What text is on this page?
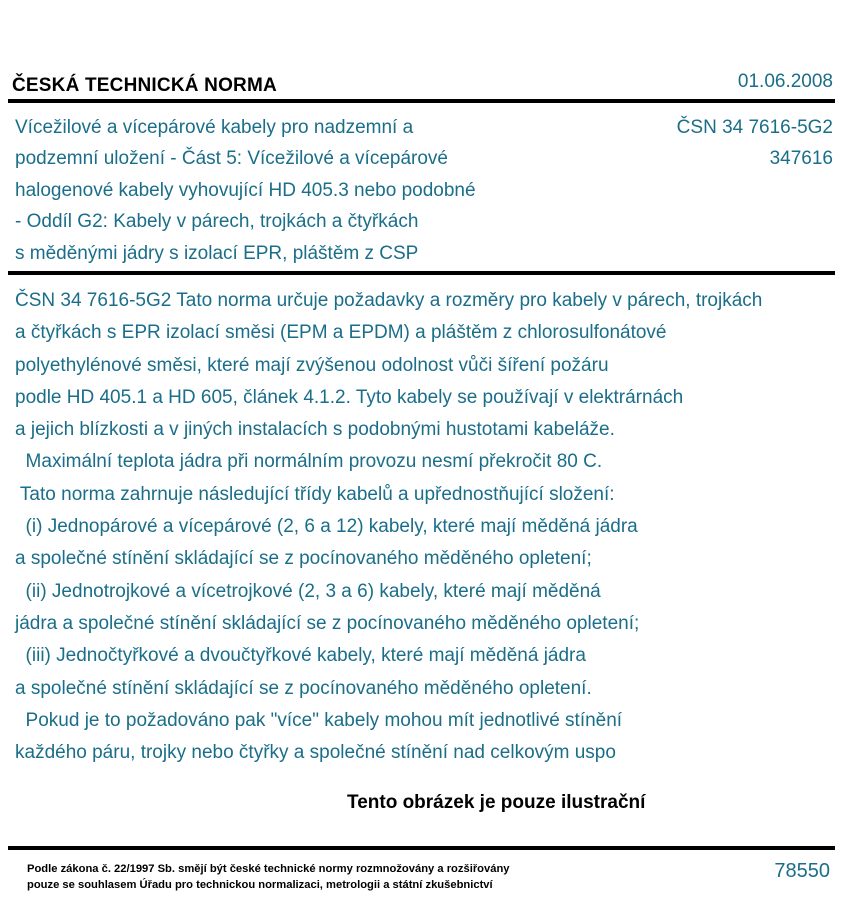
ČESKÁ TECHNICKÁ NORMA	01.06.2008
Vícežilové a vícepárové kabely pro nadzemní a
podzemní uložení - Část 5: Vícežilové a vícepárové
halogenové kabely vyhovující HD 405.3 nebo podobné
- Oddíl G2: Kabely v párech, trojkách a čtyřkách
s měděnými jádry s izolací EPR, pláštěm z CSP
ČSN 34 7616-5G2
347616
ČSN 34 7616-5G2 Tato norma určuje požadavky a rozměry pro kabely v párech, trojkách
a čtyřkách s EPR izolací směsi (EPM a EPDM) a pláštěm z chlorosulfonátové
polyethylénové směsi, které mají zvýšenou odolnost vůči šíření požáru
podle HD 405.1 a HD 605, článek 4.1.2. Tyto kabely se používají v elektrárnách
a jejich blízkosti a v jiných instalacích s podobnými hustotami kabeláže.
Maximální teplota jádra při normálním provozu nesmí překročit 80 C.
Tato norma zahrnuje následující třídy kabelů a upřednostňující složení:
(i) Jednopárové a vícepárové (2, 6 a 12) kabely, které mají měděná jádra
a společné stínění skládající se z pocínovaného měděného opletení;
(ii) Jednotrojkové a vícetrojkové (2, 3 a 6) kabely, které mají měděná
jádra a společné stínění skládající se z pocínovaného měděného opletení;
(iii) Jednočtyřkové a dvoučtyřkové kabely, které mají měděná jádra
a společné stínění skládající se z pocínovaného měděného opletení.
Pokud je to požadováno pak "více" kabely mohou mít jednotlivé stínění
každého páru, trojky nebo čtyřky a společné stínění nad celkovým uspo
Tento obrázek je pouze ilustrační
Podle zákona č. 22/1997 Sb. smějí být české technické normy rozmnožovány a rozšiřovány
pouze se souhlasem Úřadu pro technickou normalizaci, metrologii a státní zkušebnictví
78550
